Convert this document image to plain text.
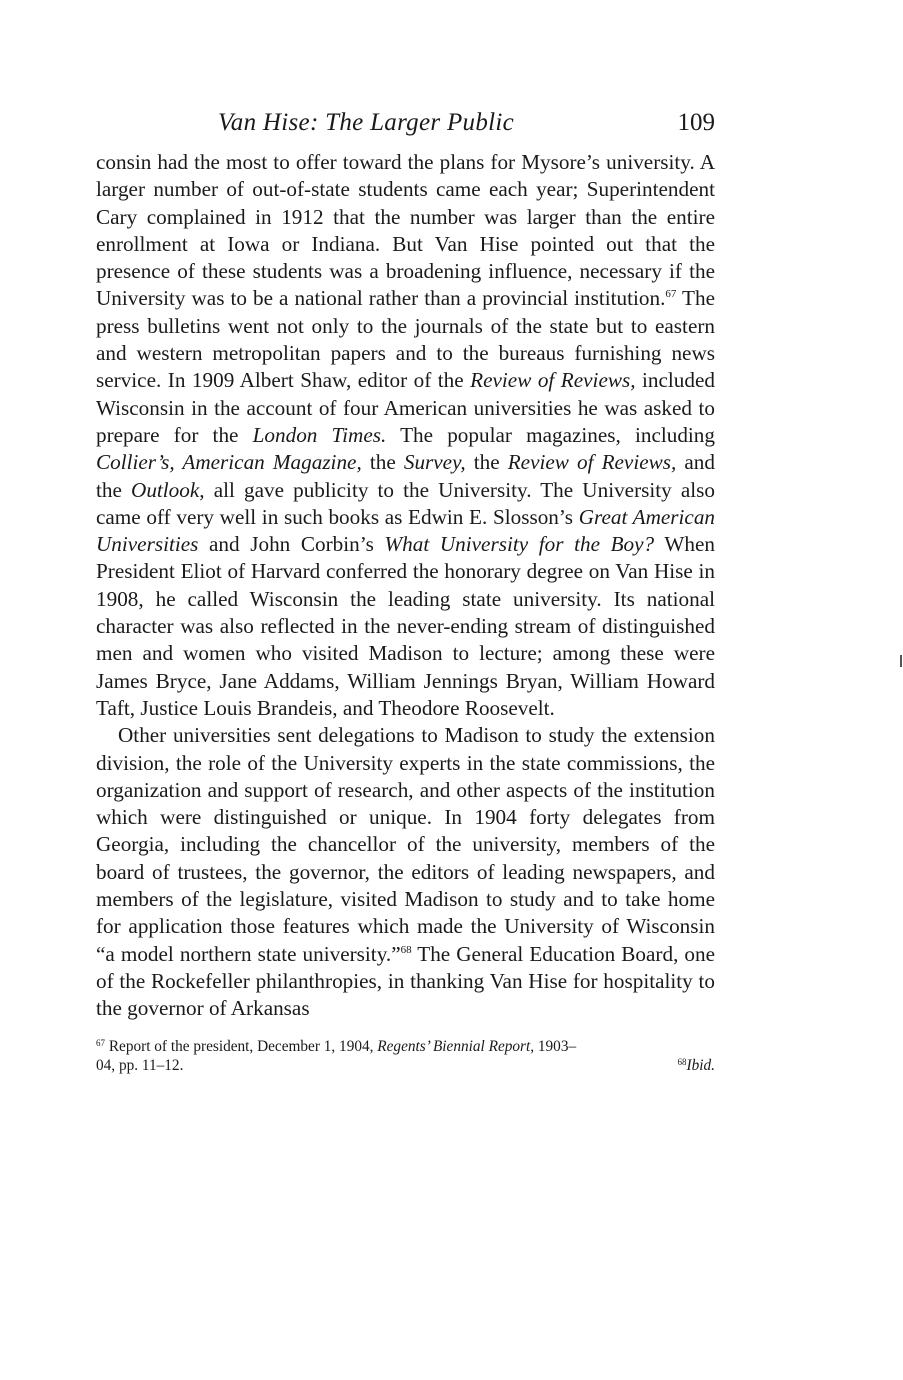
Van Hise: The Larger Public	109

consin had the most to offer toward the plans for Mysore’s university. A larger number of out-of-state students came each year; Superintendent Cary complained in 1912 that the number was larger than the entire enrollment at Iowa or Indiana. But Van Hise pointed out that the presence of these students was a broadening influence, necessary if the University was to be a national rather than a provincial institution.$^{67}$ The press bulletins went not only to the journals of the state but to eastern and western metropolitan papers and to the bureaus furnishing news service. In 1909 Albert Shaw, editor of the Review of Reviews, included Wisconsin in the account of four American universities he was asked to prepare for the London Times. The popular magazines, including Collier’s, American Magazine, the Survey, the Review of Reviews, and the Outlook, all gave publicity to the University. The University also came off very well in such books as Edwin E. Slosson’s Great American Universities and John Corbin’s What University for the Boy? When President Eliot of Harvard conferred the honorary degree on Van Hise in 1908, he called Wisconsin the leading state university. Its national character was also reflected in the never-ending stream of distinguished men and women who visited Madison to lecture; among these were James Bryce, Jane Addams, William Jennings Bryan, William Howard Taft, Justice Louis Brandeis, and Theodore Roosevelt.

Other universities sent delegations to Madison to study the extension division, the role of the University experts in the state commissions, the organization and support of research, and other aspects of the institution which were distinguished or unique. In 1904 forty delegates from Georgia, including the chancellor of the university, members of the board of trustees, the governor, the editors of leading newspapers, and members of the legislature, visited Madison to study and to take home for application those features which made the University of Wisconsin “a model northern state university.”$^{68}$ The General Education Board, one of the Rockefeller philanthropies, in thanking Van Hise for hospitality to the governor of Arkansas

$^{67}$ Report of the president, December 1, 1904, Regents’ Biennial Report, 1903–
04, pp. 11–12.	$^{68}$Ibid.
